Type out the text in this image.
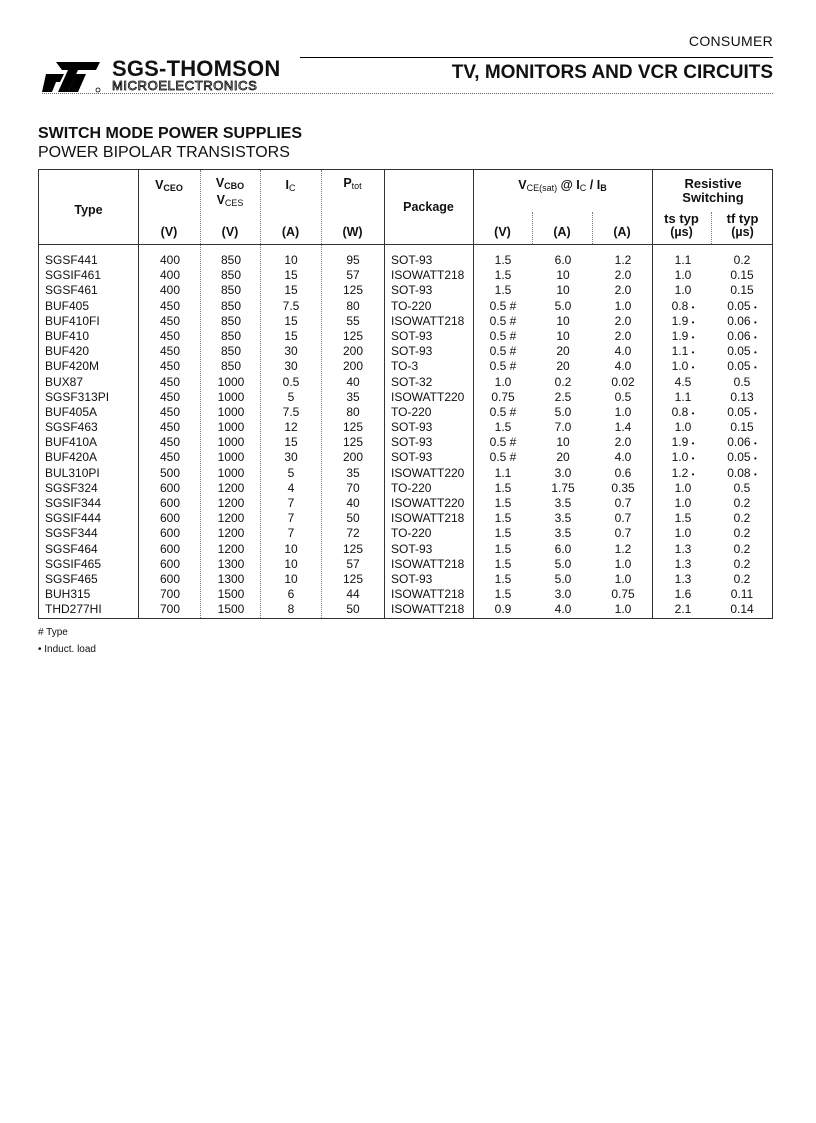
CONSUMER
SGS-THOMSON
MICROELECTRONICS
TV, MONITORS AND VCR CIRCUITS
SWITCH MODE POWER SUPPLIES
POWER BIPOLAR TRANSISTORS
Type
$V_{CEO}$	$V_{CBO}$
$V_{CES}$
$I_C$	$P_{tot}$
Package
$V_{CE(sat)}$ @ $I_C / I_B$	Resistive
Switching
ts typ	tf typ
(V)	(V)	(A)	(W)	(V)	(A)	(A)	(µs)	(µs)
SGSF441	400	850	10	95	SOT-93	1.5	6.0	1.2	1.1	0.2
SGSIF461	400	850	15	57	ISOWATT218	1.5	10	2.0	1.0	0.15
SGSF461	400	850	15	125	SOT-93	1.5	10	2.0	1.0	0.15
BUF405	450	850	7.5	80	TO-220	0.5 #	5.0	1.0	0.8 •	0.05 •
BUF410FI	450	850	15	55	ISOWATT218	0.5 #	10	2.0	1.9 •	0.06 •
BUF410	450	850	15	125	SOT-93	0.5 #	10	2.0	1.9 •	0.06 •
BUF420	450	850	30	200	SOT-93	0.5 #	20	4.0	1.1 •	0.05 •
BUF420M	450	850	30	200	TO-3	0.5 #	20	4.0	1.0 •	0.05 •
BUX87	450	1000	0.5	40	SOT-32	1.0	0.2	0.02	4.5	0.5
SGSF313PI	450	1000	5	35	ISOWATT220	0.75	2.5	0.5	1.1	0.13
BUF405A	450	1000	7.5	80	TO-220	0.5 #	5.0	1.0	0.8 •	0.05 •
SGSF463	450	1000	12	125	SOT-93	1.5	7.0	1.4	1.0	0.15
BUF410A	450	1000	15	125	SOT-93	0.5 #	10	2.0	1.9 •	0.06 •
BUF420A	450	1000	30	200	SOT-93	0.5 #	20	4.0	1.0 •	0.05 •
BUL310PI	500	1000	5	35	ISOWATT220	1.1	3.0	0.6	1.2 •	0.08 •
SGSF324	600	1200	4	70	TO-220	1.5	1.75	0.35	1.0	0.5
SGSIF344	600	1200	7	40	ISOWATT220	1.5	3.5	0.7	1.0	0.2
SGSIF444	600	1200	7	50	ISOWATT218	1.5	3.5	0.7	1.5	0.2
SGSF344	600	1200	7	72	TO-220	1.5	3.5	0.7	1.0	0.2
SGSF464	600	1200	10	125	SOT-93	1.5	6.0	1.2	1.3	0.2
SGSIF465	600	1300	10	57	ISOWATT218	1.5	5.0	1.0	1.3	0.2
SGSF465	600	1300	10	125	SOT-93	1.5	5.0	1.0	1.3	0.2
BUH315	700	1500	6	44	ISOWATT218	1.5	3.0	0.75	1.6	0.11
THD277HI	700	1500	8	50	ISOWATT218	0.9	4.0	1.0	2.1	0.14
# Type
• Induct. load
